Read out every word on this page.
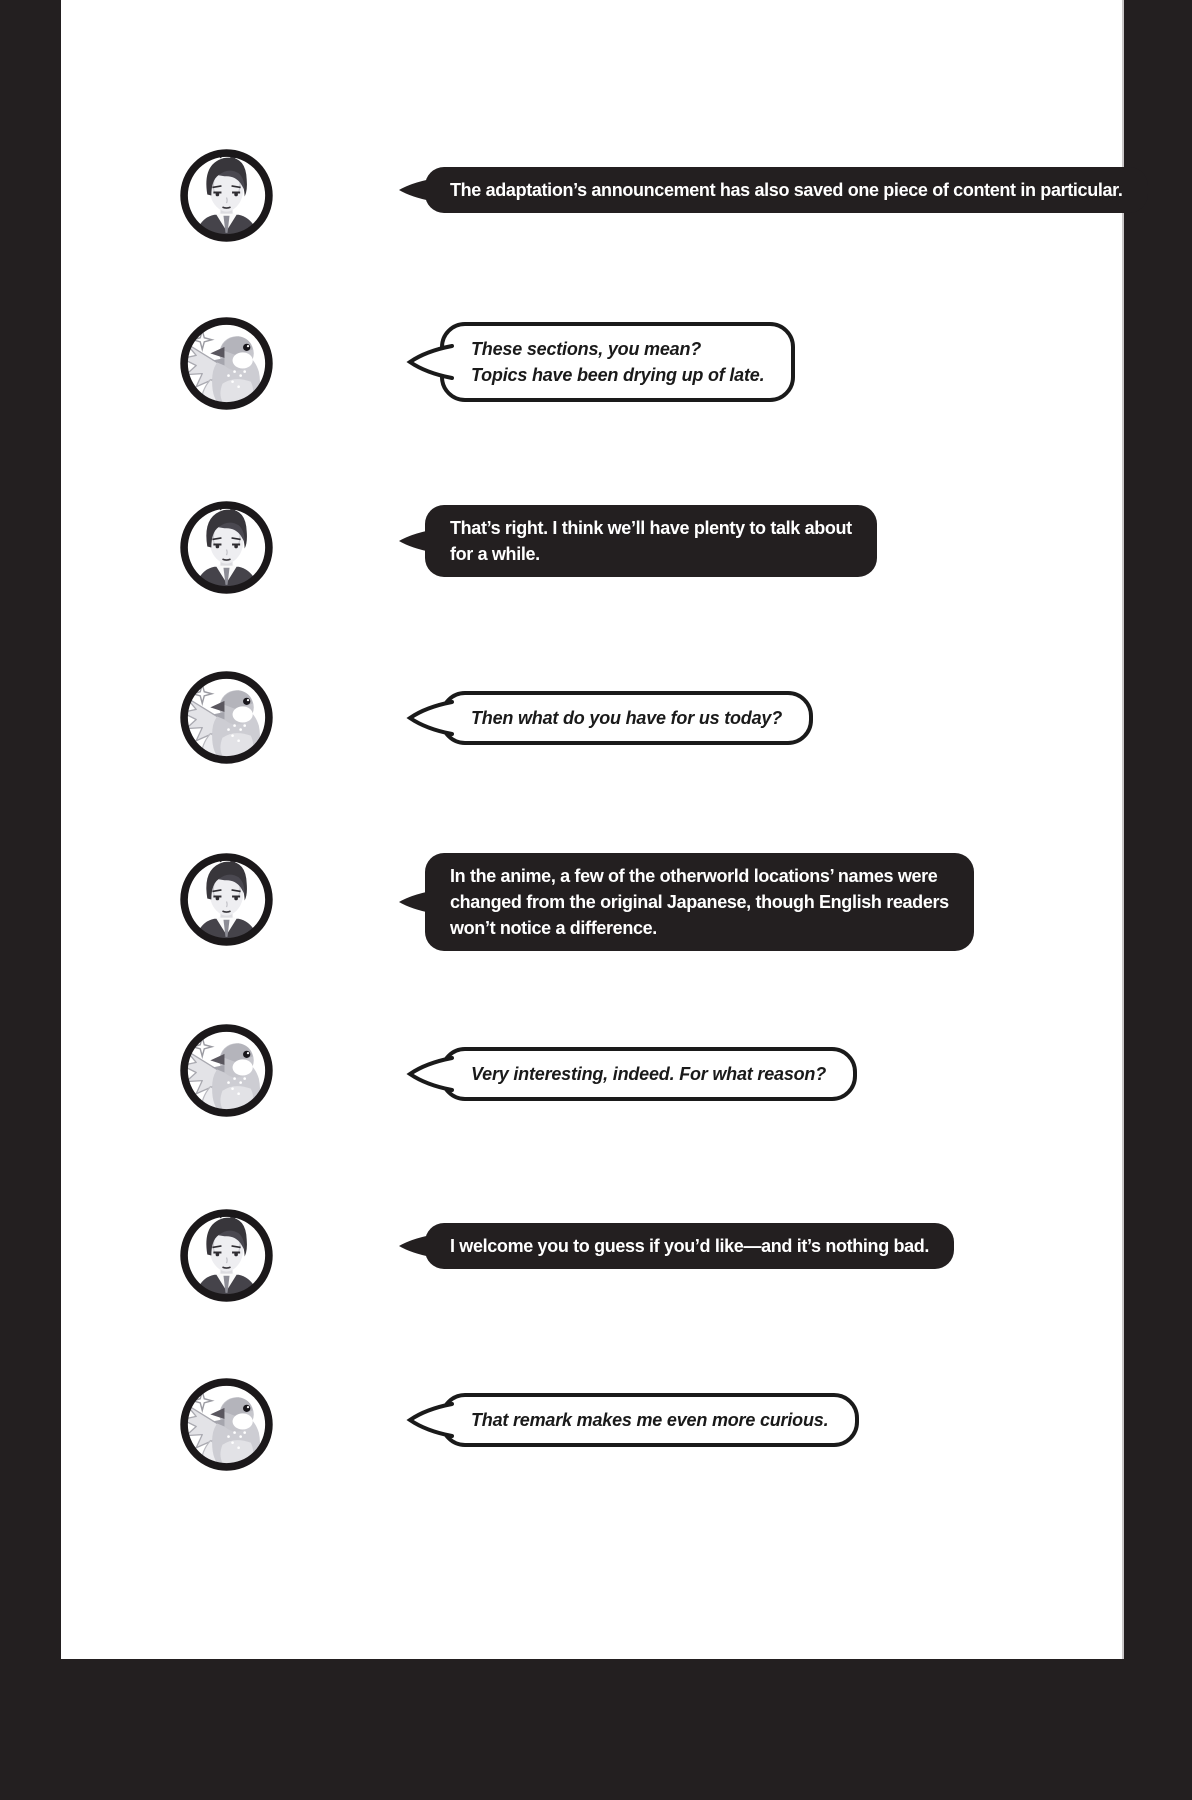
The adaptation’s announcement has also saved one piece of content in particular.
These sections, you mean?
Topics have been drying up of late.
That’s right. I think we’ll have plenty to talk about
for a while.
Then what do you have for us today?
In the anime, a few of the otherworld locations’ names were
changed from the original Japanese, though English readers
won’t notice a difference.
Very interesting, indeed. For what reason?
I welcome you to guess if you’d like—and it’s nothing bad.
That remark makes me even more curious.
